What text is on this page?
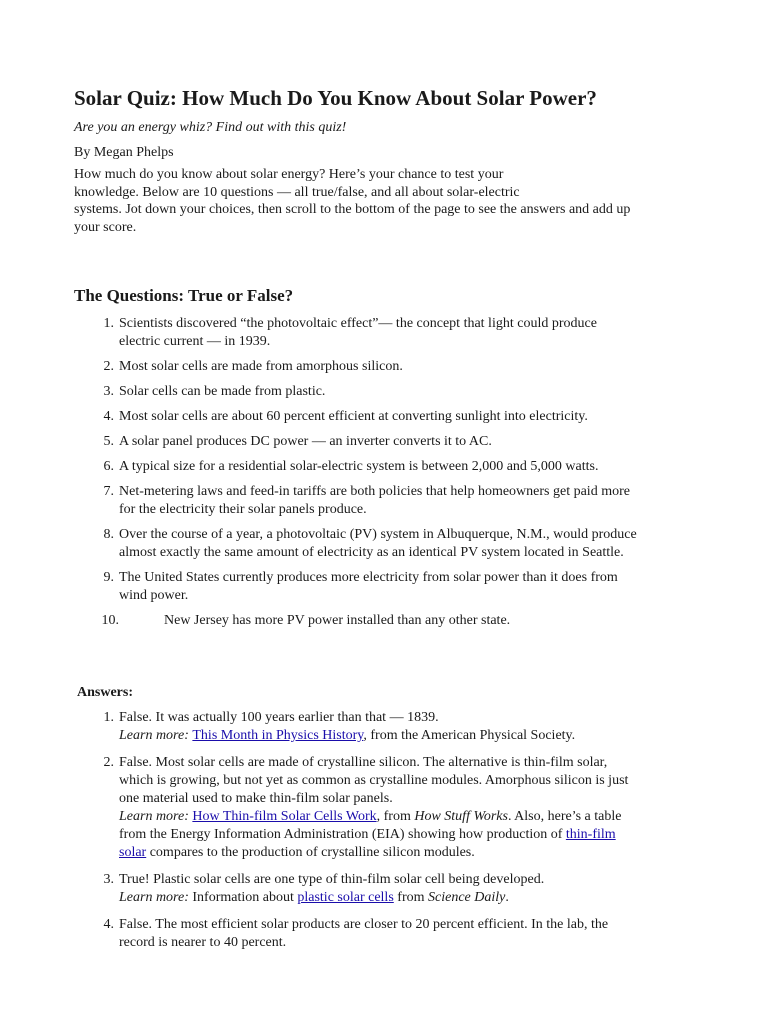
Solar Quiz: How Much Do You Know About Solar Power?

Are you an energy whiz? Find out with this quiz!

By Megan Phelps

How much do you know about solar energy? Here’s your chance to test your
knowledge. Below are 10 questions — all true/false, and all about solar-electric
systems. Jot down your choices, then scroll to the bottom of the page to see the answers and add up
your score.
The Questions: True or False?
1. Scientists discovered “the photovoltaic effect”— the concept that light could produce
electric current — in 1939.
2. Most solar cells are made from amorphous silicon.
3. Solar cells can be made from plastic.
4. Most solar cells are about 60 percent efficient at converting sunlight into electricity.
5. A solar panel produces DC power — an inverter converts it to AC.
6. A typical size for a residential solar-electric system is between 2,000 and 5,000 watts.
7. Net-metering laws and feed-in tariffs are both policies that help homeowners get paid more
for the electricity their solar panels produce.
8. Over the course of a year, a photovoltaic (PV) system in Albuquerque, N.M., would produce
almost exactly the same amount of electricity as an identical PV system located in Seattle.
9. The United States currently produces more electricity from solar power than it does from
wind power.
10.	New Jersey has more PV power installed than any other state.
Answers:
1. False. It was actually 100 years earlier than that — 1839.
Learn more: This Month in Physics History, from the American Physical Society.
2. False. Most solar cells are made of crystalline silicon. The alternative is thin-film solar,
which is growing, but not yet as common as crystalline modules. Amorphous silicon is just
one material used to make thin-film solar panels.
Learn more: How Thin-film Solar Cells Work, from How Stuff Works. Also, here’s a table
from the Energy Information Administration (EIA) showing how production of thin-film
solar compares to the production of crystalline silicon modules.
3. True! Plastic solar cells are one type of thin-film solar cell being developed.
Learn more: Information about plastic solar cells from Science Daily.
4. False. The most efficient solar products are closer to 20 percent efficient. In the lab, the
record is nearer to 40 percent.
